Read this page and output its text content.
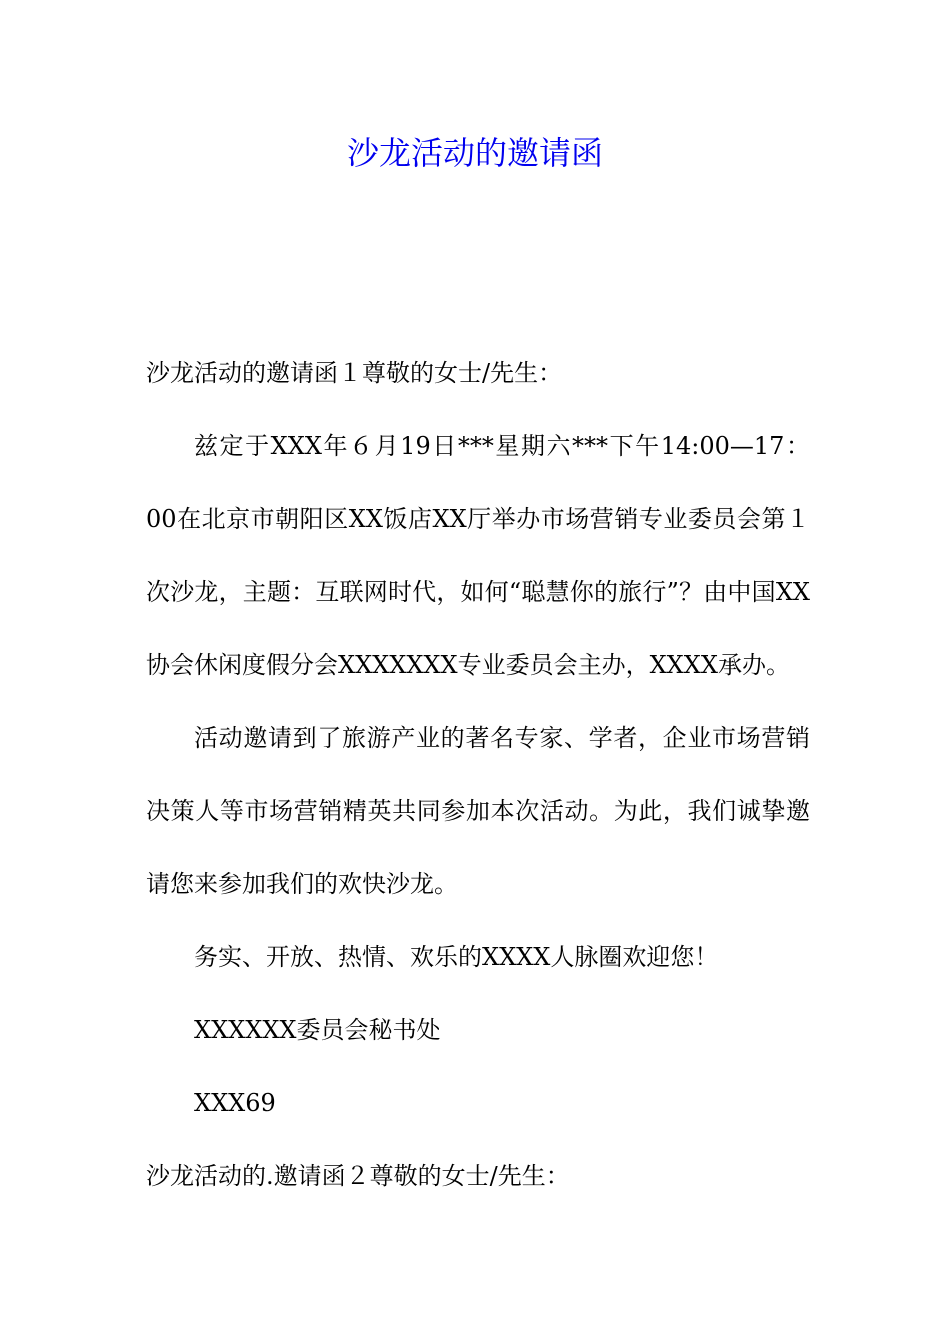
沙龙活动的邀请函

沙龙活动的邀请函１尊敬的女士/先生：

兹定于XXX年６月19日***星期六***下午14:00—17：00在北京市朝阳区XX饭店XX厅举办市场营销专业委员会第１次沙龙，主题：互联网时代，如何“聪慧你的旅行”？由中国XX协会休闲度假分会XXXXXXX专业委员会主办，XXXX承办。

活动邀请到了旅游产业的著名专家、学者，企业市场营销决策人等市场营销精英共同参加本次活动。为此，我们诚挚邀请您来参加我们的欢快沙龙。

务实、开放、热情、欢乐的XXXX人脉圈欢迎您！

XXXXXX委员会秘书处

XXX69

沙龙活动的.邀请函２尊敬的女士/先生：
